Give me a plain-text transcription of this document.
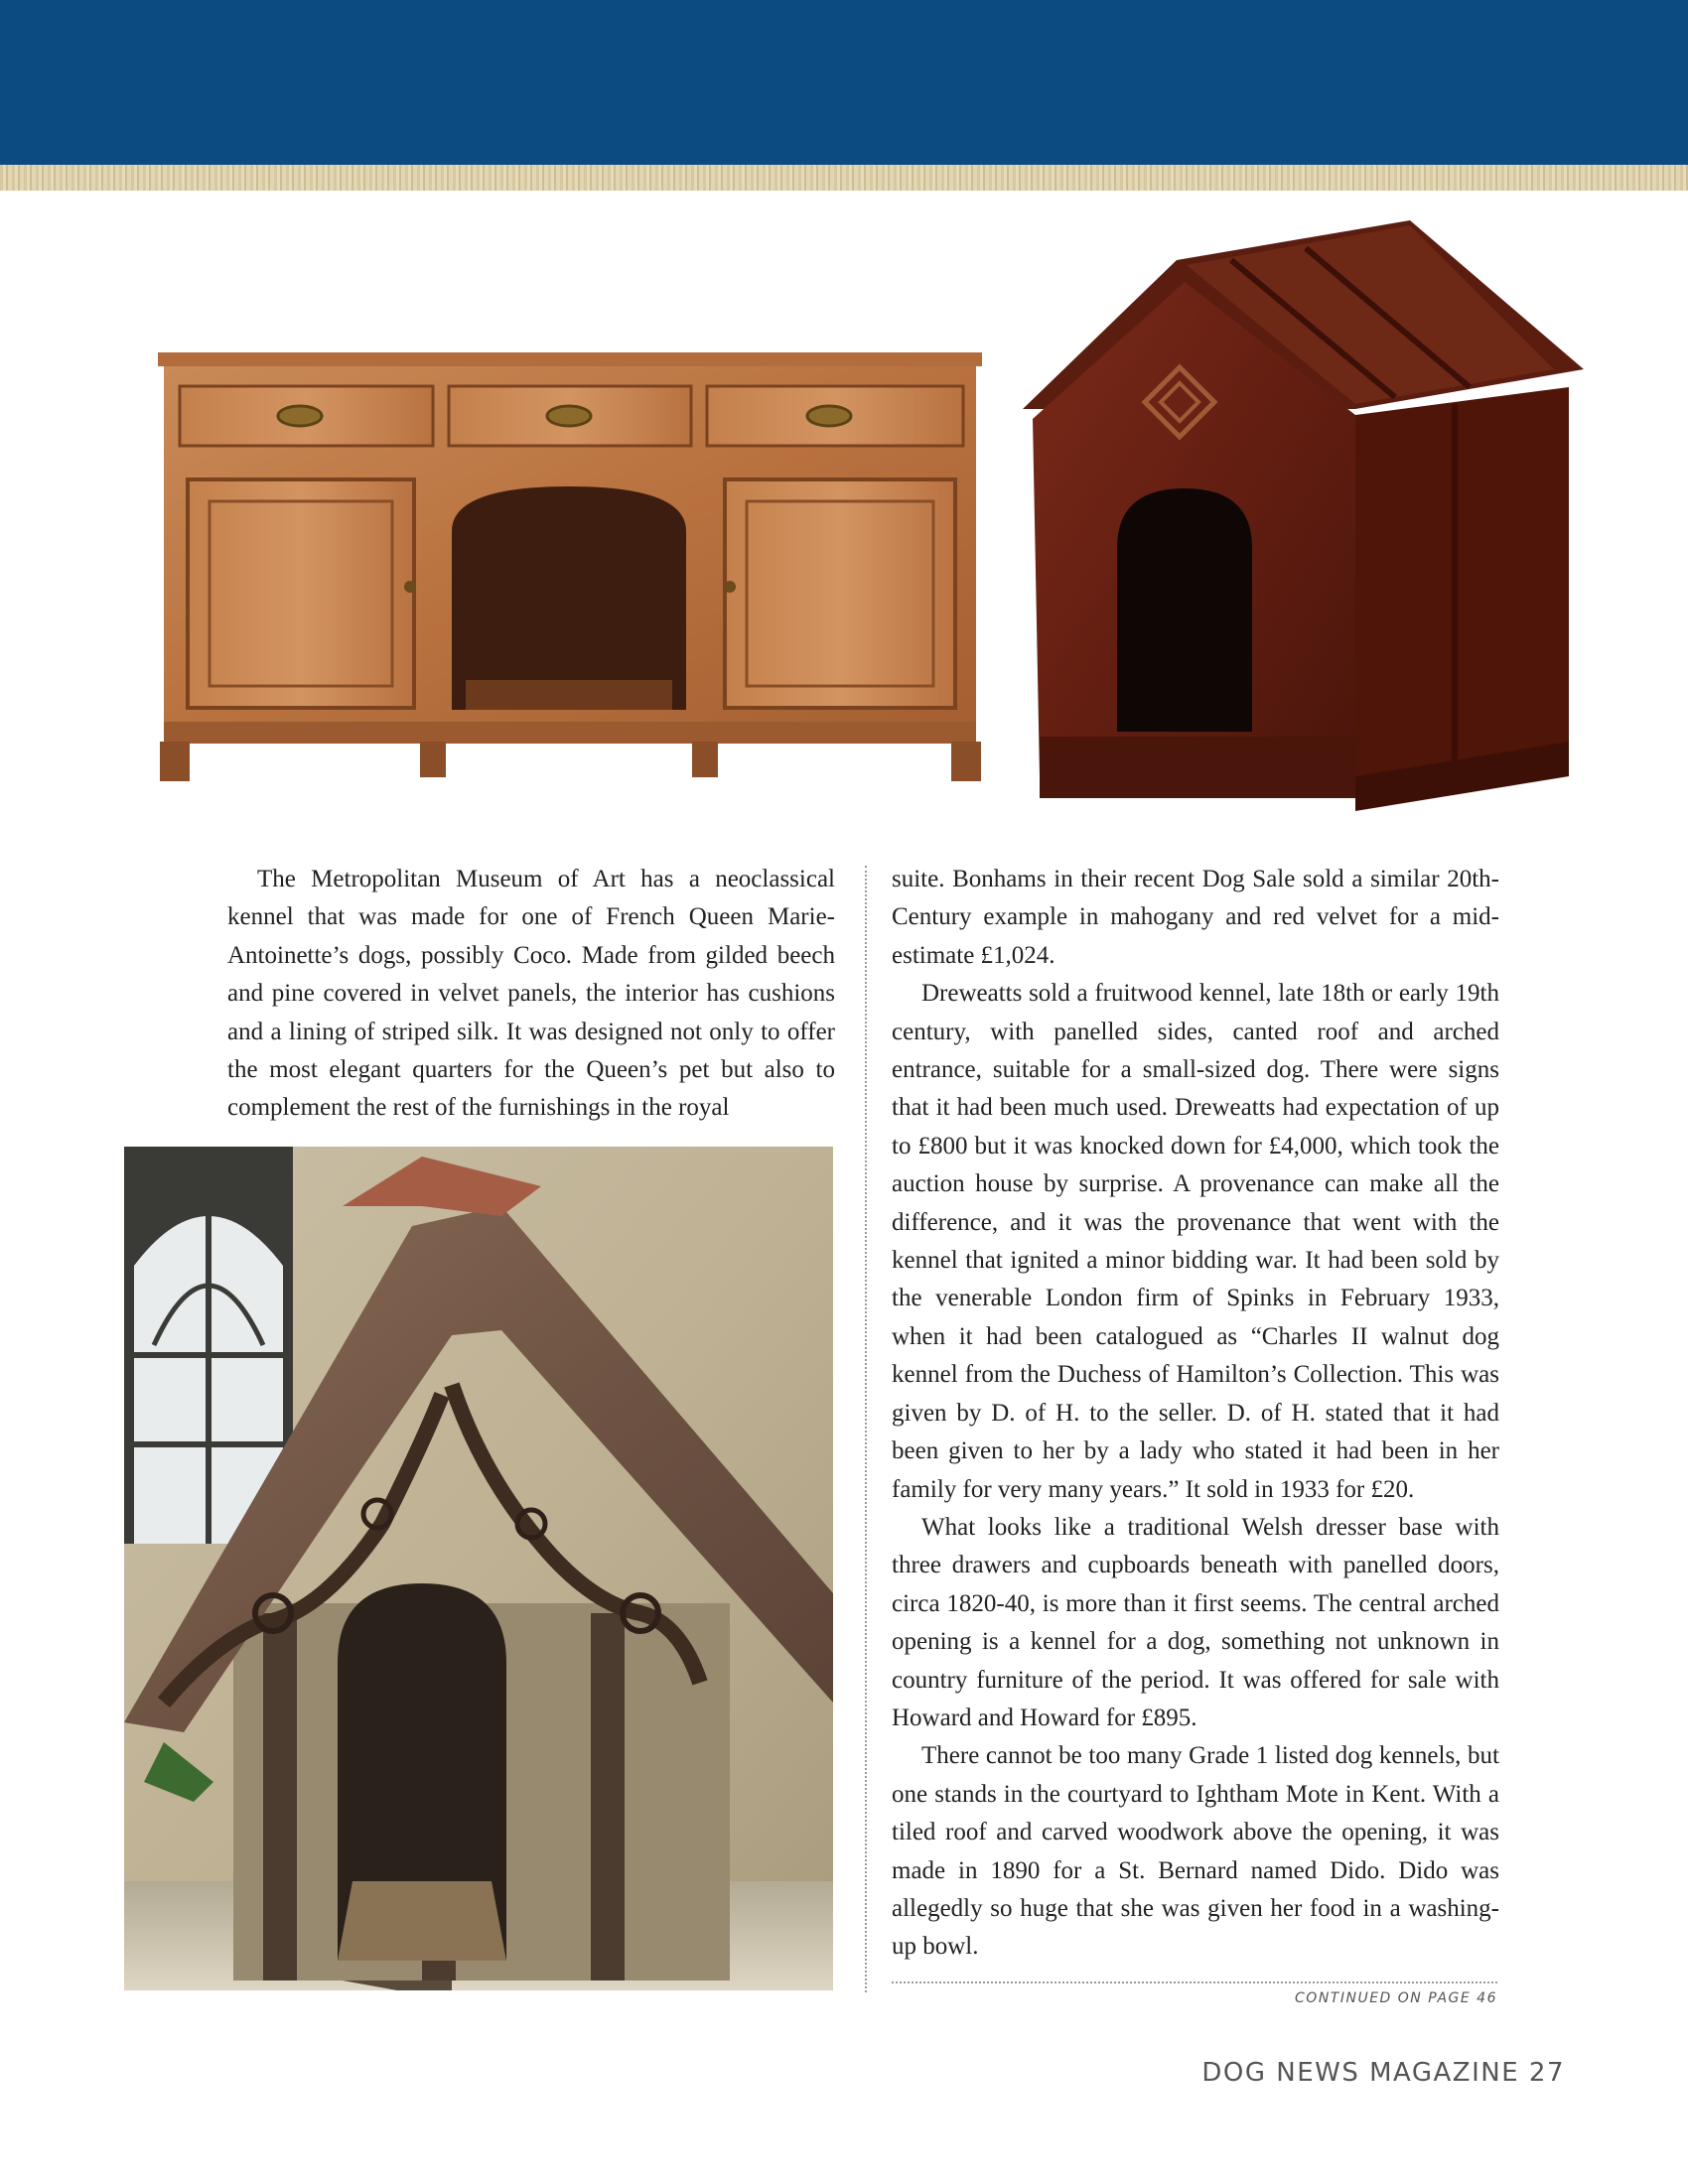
The Metropolitan Museum of Art has a neoclassical kennel that was made for one of French Queen Marie-Antoinette’s dogs, possibly Coco. Made from gilded beech and pine covered in velvet panels, the interior has cushions and a lining of striped silk. It was designed not only to offer the most elegant quarters for the Queen’s pet but also to complement the rest of the furnishings in the royal

suite. Bonhams in their recent Dog Sale sold a similar 20th-Century example in mahogany and red velvet for a mid-estimate £1,024.

Dreweatts sold a fruitwood kennel, late 18th or early 19th century, with panelled sides, canted roof and arched entrance, suitable for a small-sized dog. There were signs that it had been much used. Dreweatts had expectation of up to £800 but it was knocked down for £4,000, which took the auction house by surprise. A provenance can make all the difference, and it was the provenance that went with the kennel that ignited a minor bidding war. It had been sold by the venerable London firm of Spinks in February 1933, when it had been catalogued as “Charles II walnut dog kennel from the Duchess of Hamilton’s Collection. This was given by D. of H. to the seller. D. of H. stated that it had been given to her by a lady who stated it had been in her family for very many years.” It sold in 1933 for £20.

What looks like a traditional Welsh dresser base with three drawers and cupboards beneath with panelled doors, circa 1820-40, is more than it first seems. The central arched opening is a kennel for a dog, something not unknown in country furniture of the period. It was offered for sale with Howard and Howard for £895.

There cannot be too many Grade 1 listed dog kennels, but one stands in the courtyard to Ightham Mote in Kent. With a tiled roof and carved woodwork above the opening, it was made in 1890 for a St. Bernard named Dido. Dido was allegedly so huge that she was given her food in a washing-up bowl.

CONTINUED ON PAGE 46
DOG NEWS MAGAZINE 27
